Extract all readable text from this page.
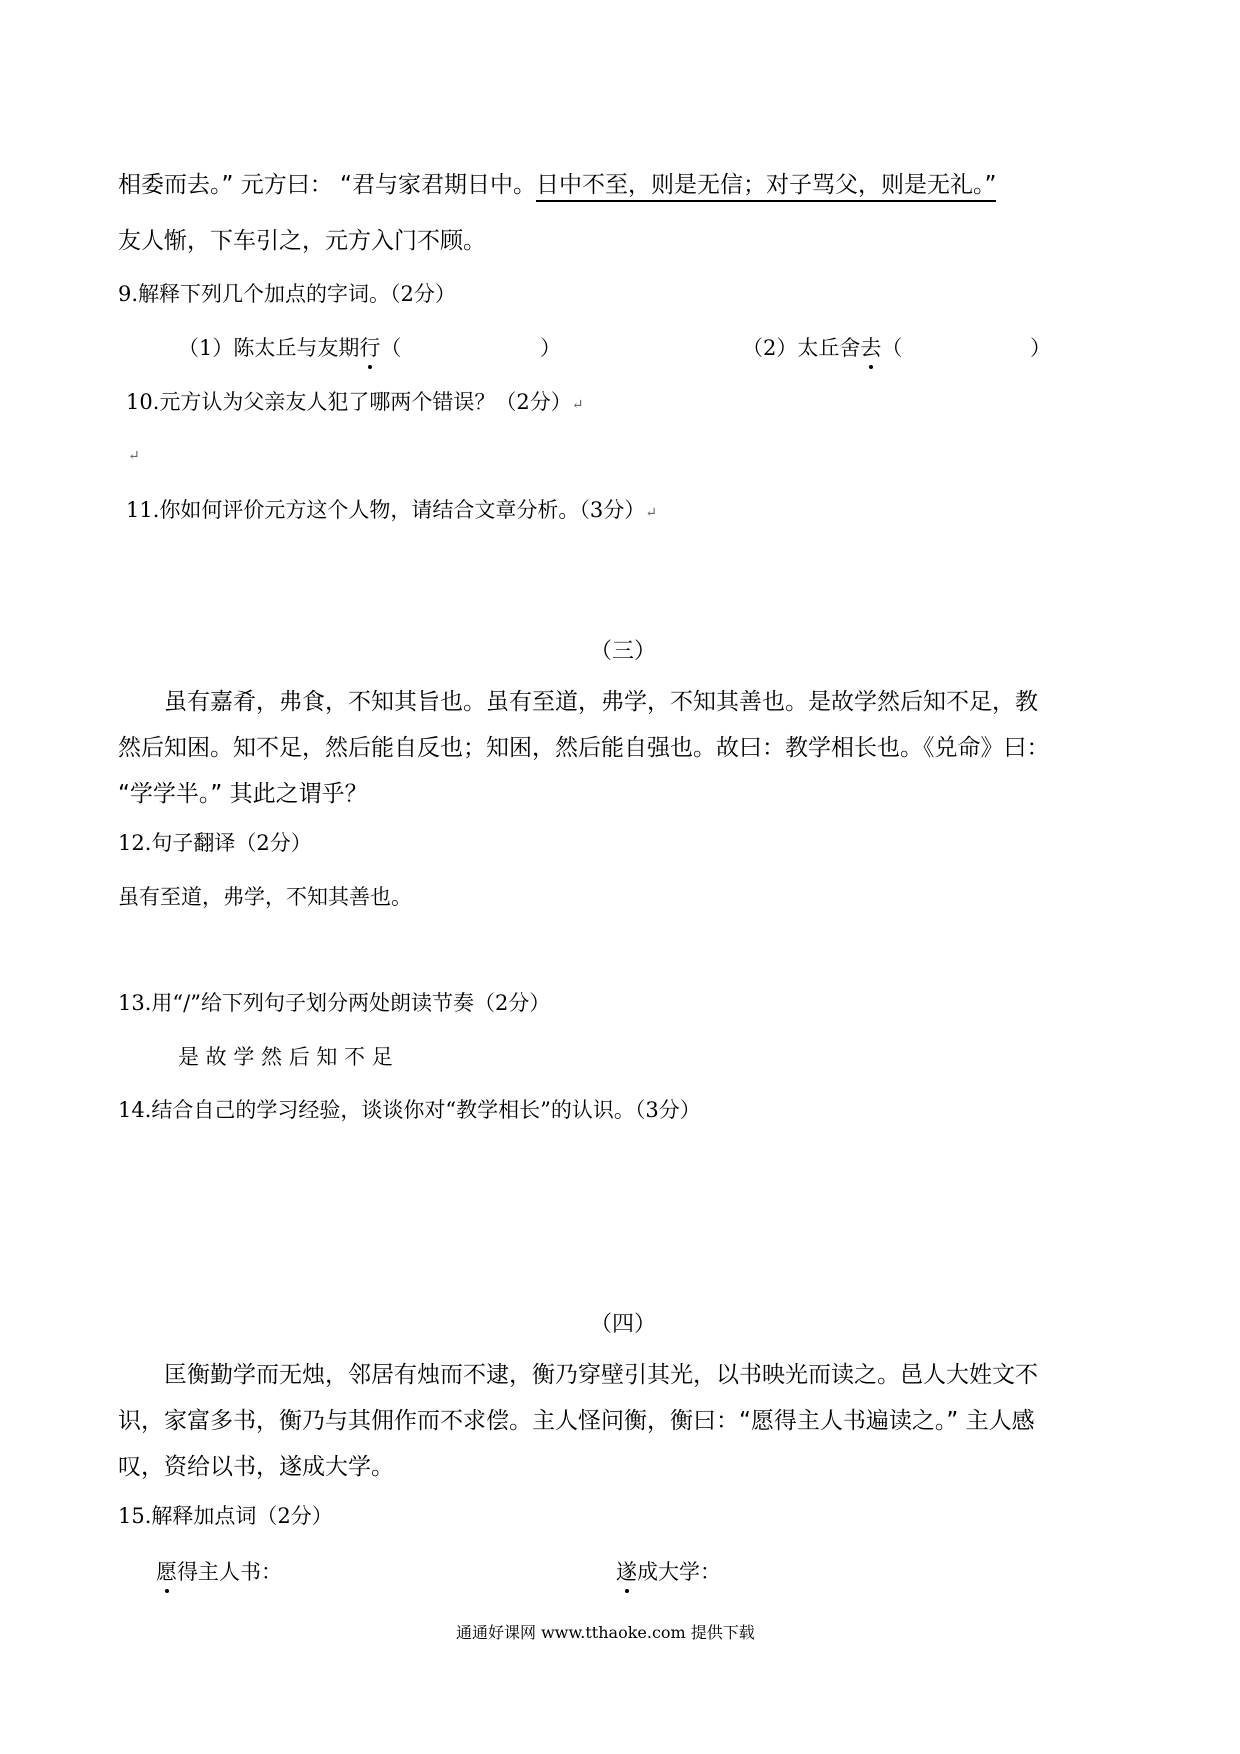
相委而去。” 元方曰： “君与家君期日中。日中不至，则是无信；对子骂父，则是无礼。”
友人惭，下车引之，元方入门不顾。
9.解释下列几个加点的字词。（2分）
（1）陈太丘与友期行（	）	（2）太丘舍去（	）
10.元方认为父亲友人犯了哪两个错误？（2分）↵
↵
11.你如何评价元方这个人物，请结合文章分析。（3分）↵
（三）
虽有嘉肴，弗食，不知其旨也。虽有至道，弗学，不知其善也。是故学然后知不足，教
然后知困。知不足，然后能自反也；知困，然后能自强也。故曰：教学相长也。《兑命》曰：
“学学半。” 其此之谓乎？
12.句子翻译（2分）
虽有至道，弗学，不知其善也。
13.用“/”给下列句子划分两处朗读节奏（2分）
是 故 学 然 后 知 不 足
14.结合自己的学习经验，谈谈你对“教学相长”的认识。（3分）
（四）
匡衡勤学而无烛，邻居有烛而不逮，衡乃穿壁引其光，以书映光而读之。邑人大姓文不
识，家富多书，衡乃与其佣作而不求偿。主人怪问衡，衡曰：“愿得主人书遍读之。” 主人感
叹，资给以书，遂成大学。
15.解释加点词（2分）
愿得主人书：	遂成大学：
通通好课网 www.tthaoke.com 提供下载
